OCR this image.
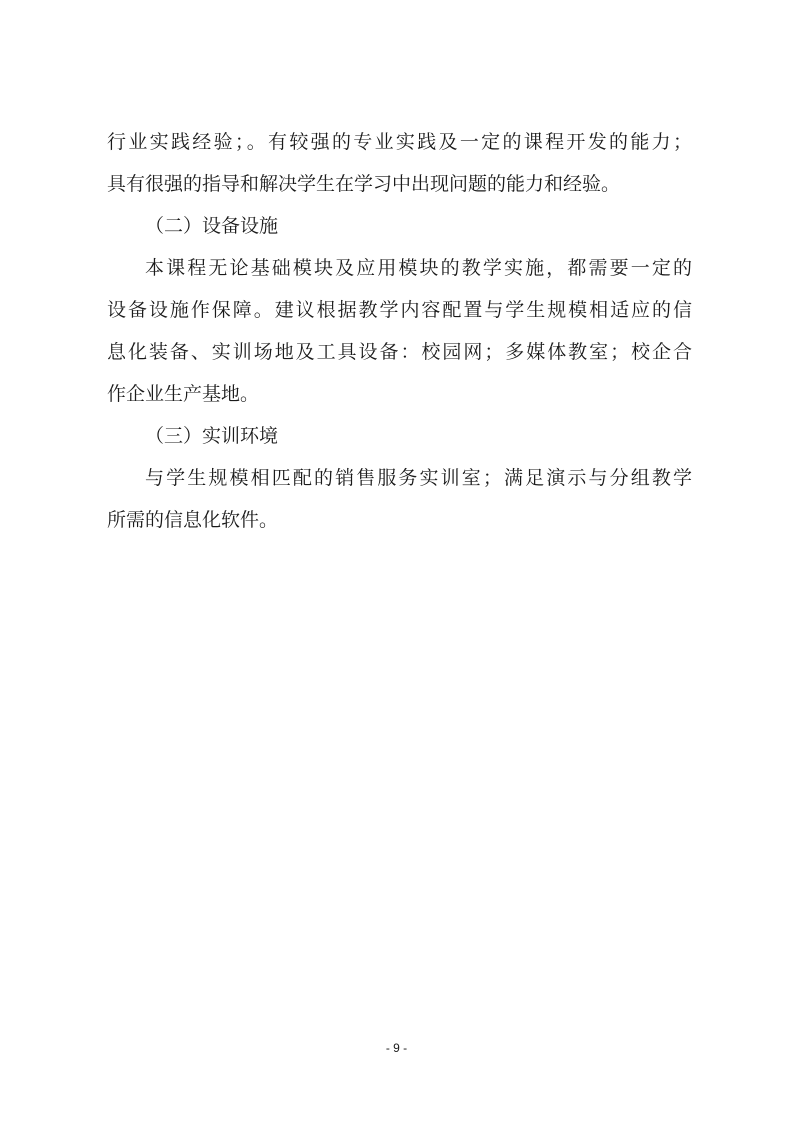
行业实践经验；。有较强的专业实践及一定的课程开发的能力；
具有很强的指导和解决学生在学习中出现问题的能力和经验。
（二）设备设施
本课程无论基础模块及应用模块的教学实施，都需要一定的
设备设施作保障。建议根据教学内容配置与学生规模相适应的信
息化装备、实训场地及工具设备：校园网；多媒体教室；校企合
作企业生产基地。
（三）实训环境
与学生规模相匹配的销售服务实训室；满足演示与分组教学
所需的信息化软件。
- 9 -
